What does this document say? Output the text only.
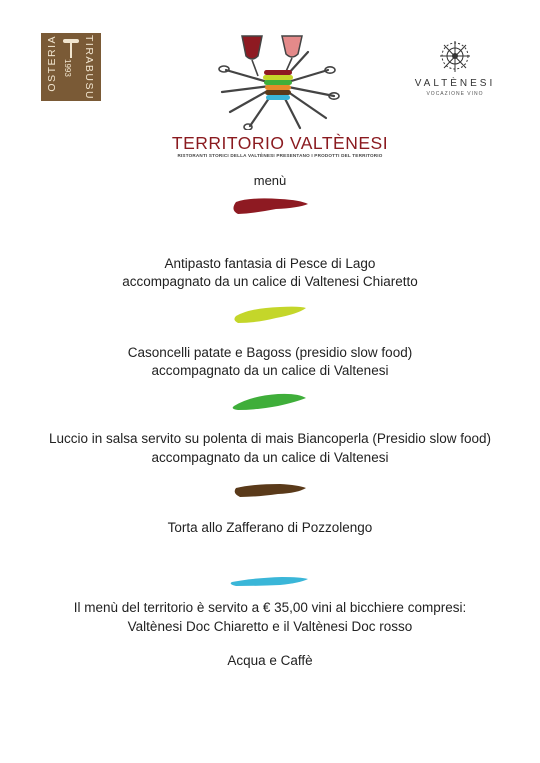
OSTERIA 1993 TIRABUSU
TERRITORIO VALTÈNESI
RISTORANTI STORICI DELLA VALTÈNESI PRESENTANO I PRODOTTI DEL TERRITORIO
VALTÈNESI
VOCAZIONE VINO
menù
Antipasto fantasia di Pesce di Lago
accompagnato da un calice di Valtenesi Chiaretto
Casoncelli patate e Bagoss (presidio slow food)
accompagnato da un calice di Valtenesi
Luccio in salsa servito su polenta di mais Biancoperla (Presidio slow food)
accompagnato da un calice di Valtenesi
Torta allo Zafferano di Pozzolengo
Il menù del territorio è servito a € 35,00 vini al bicchiere compresi:
Valtènesi Doc Chiaretto e il Valtènesi Doc rosso
Acqua e Caffè
